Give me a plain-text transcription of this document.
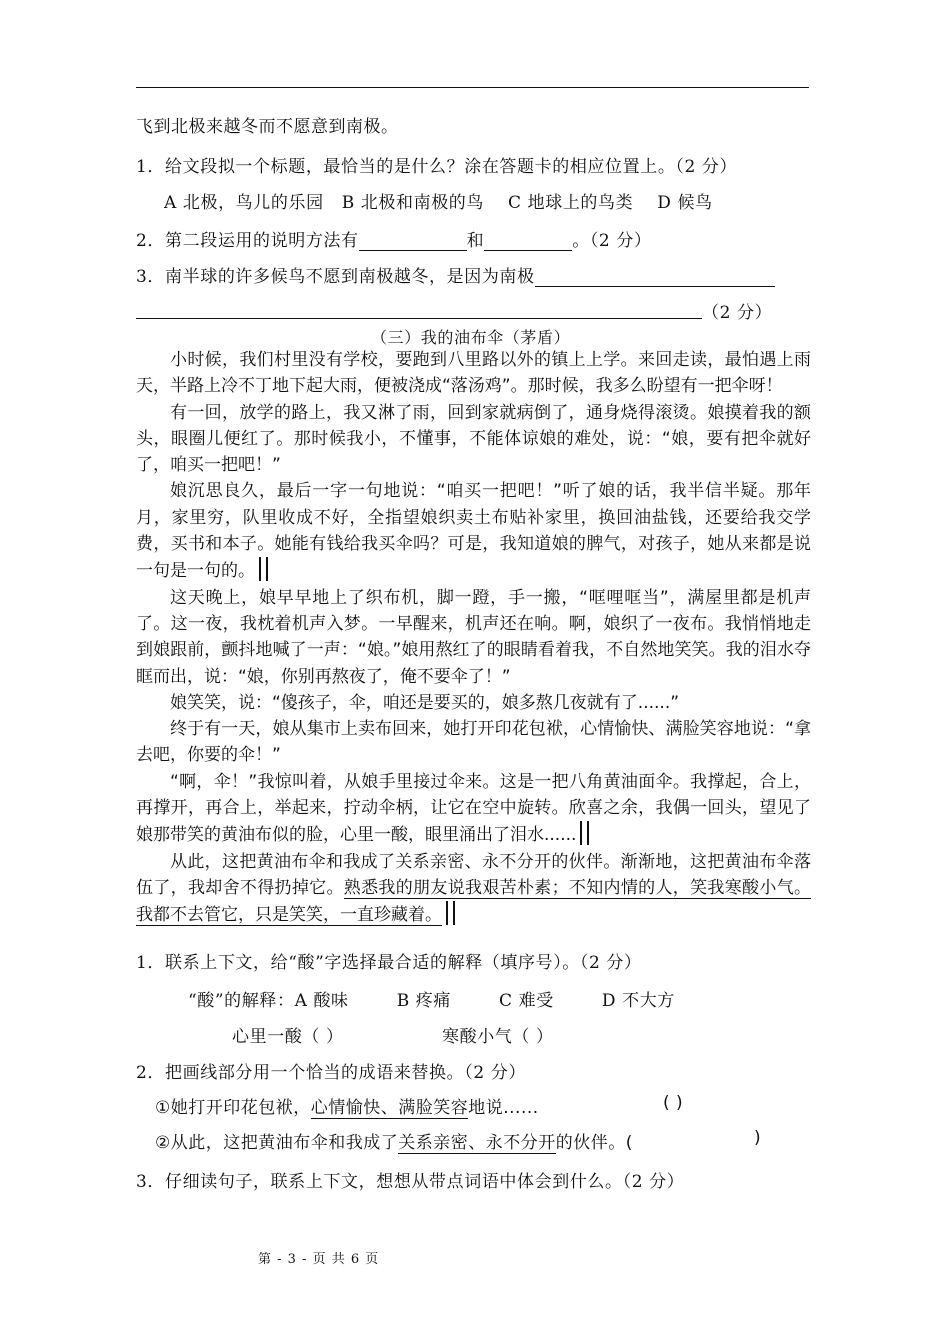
飞到北极来越冬而不愿意到南极。
1．给文段拟一个标题，最恰当的是什么？涂在答题卡的相应位置上。（2 分）
A 北极，鸟儿的乐园 B 北极和南极的鸟 C 地球上的鸟类 D 候鸟
2．第二段运用的说明方法有	和	。（2 分）
3．南半球的许多候鸟不愿到南极越冬，是因为南极
（2 分）
（三）我的油布伞（茅盾）

小时候，我们村里没有学校，要跑到八里路以外的镇上上学。来回走读，最怕遇上雨天，半路上冷不丁地下起大雨，便被浇成“落汤鸡”。那时候，我多么盼望有一把伞呀！

有一回，放学的路上，我又淋了雨，回到家就病倒了，通身烧得滚烫。娘摸着我的额头，眼圈儿便红了。那时候我小，不懂事，不能体谅娘的难处，说：“娘，要有把伞就好了，咱买一把吧！”

娘沉思良久，最后一字一句地说：“咱买一把吧！”听了娘的话，我半信半疑。那年月，家里穷，队里收成不好，全指望娘织卖土布贴补家里，换回油盐钱，还要给我交学费，买书和本子。她能有钱给我买伞吗？可是，我知道娘的脾气，对孩子，她从来都是说一句是一句的。

这天晚上，娘早早地上了织布机，脚一蹬，手一搬，“哐哩哐当”，满屋里都是机声了。这一夜，我枕着机声入梦。一早醒来，机声还在响。啊，娘织了一夜布。我悄悄地走到娘跟前，颤抖地喊了一声：“娘。”娘用熬红了的眼睛看着我，不自然地笑笑。我的泪水夺眶而出，说：“娘，你别再熬夜了，俺不要伞了！”

娘笑笑，说：“傻孩子，伞，咱还是要买的，娘多熬几夜就有了......”

终于有一天，娘从集市上卖布回来，她打开印花包袱，心情愉快、满脸笑容地说：“拿去吧，你要的伞！”

“啊，伞！”我惊叫着，从娘手里接过伞来。这是一把八角黄油面伞。我撑起，合上，再撑开，再合上，举起来，拧动伞柄，让它在空中旋转。欣喜之余，我偶一回头，望见了娘那带笑的黄油布似的脸，心里一酸，眼里涌出了泪水......

从此，这把黄油布伞和我成了关系亲密、永不分开的伙伴。渐渐地，这把黄油布伞落伍了，我却舍不得扔掉它。熟悉我的朋友说我艰苦朴素；不知内情的人，笑我寒酸小气。我都不去管它，只是笑笑，一直珍藏着。

1．联系上下文，给“酸”字选择最合适的解释（填序号）。（2 分）
“酸”的解释：A 酸味	B 疼痛	C 难受	D 不大方
心里一酸（ ）	寒酸小气（ ）
2．把画线部分用一个恰当的成语来替换。（2 分）
①她打开印花包袱，心情愉快、满脸笑容地说......	( )
②从此，这把黄油布伞和我成了关系亲密、永不分开的伙伴。(	)
3．仔细读句子，联系上下文，想想从带点词语中体会到什么。（2 分）
第 - 3 - 页 共 6 页
